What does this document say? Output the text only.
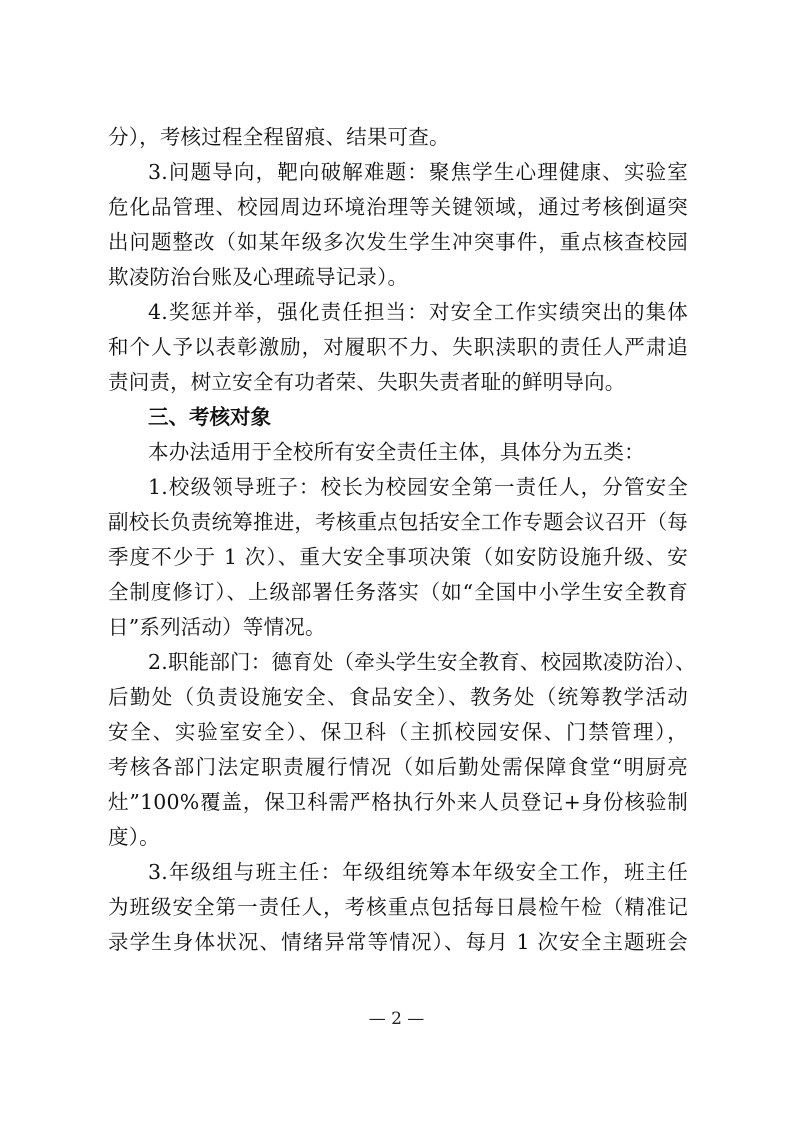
分），考核过程全程留痕、结果可查。
3.问题导向，靶向破解难题：聚焦学生心理健康、实验室
危化品管理、校园周边环境治理等关键领域，通过考核倒逼突
出问题整改（如某年级多次发生学生冲突事件，重点核查校园
欺凌防治台账及心理疏导记录）。
4.奖惩并举，强化责任担当：对安全工作实绩突出的集体
和个人予以表彰激励，对履职不力、失职渎职的责任人严肃追
责问责，树立安全有功者荣、失职失责者耻的鲜明导向。
三、考核对象
本办法适用于全校所有安全责任主体，具体分为五类：
1.校级领导班子：校长为校园安全第一责任人，分管安全
副校长负责统筹推进，考核重点包括安全工作专题会议召开（每
季度不少于 1 次）、重大安全事项决策（如安防设施升级、安
全制度修订）、上级部署任务落实（如“全国中小学生安全教育
日”系列活动）等情况。
2.职能部门：德育处（牵头学生安全教育、校园欺凌防治）、
后勤处（负责设施安全、食品安全）、教务处（统筹教学活动
安全、实验室安全）、保卫科（主抓校园安保、门禁管理），
考核各部门法定职责履行情况（如后勤处需保障食堂“明厨亮
灶”100%覆盖，保卫科需严格执行外来人员登记+身份核验制
度）。
3.年级组与班主任：年级组统筹本年级安全工作，班主任
为班级安全第一责任人，考核重点包括每日晨检午检（精准记
录学生身体状况、情绪异常等情况）、每月 1 次安全主题班会
— 2 —
